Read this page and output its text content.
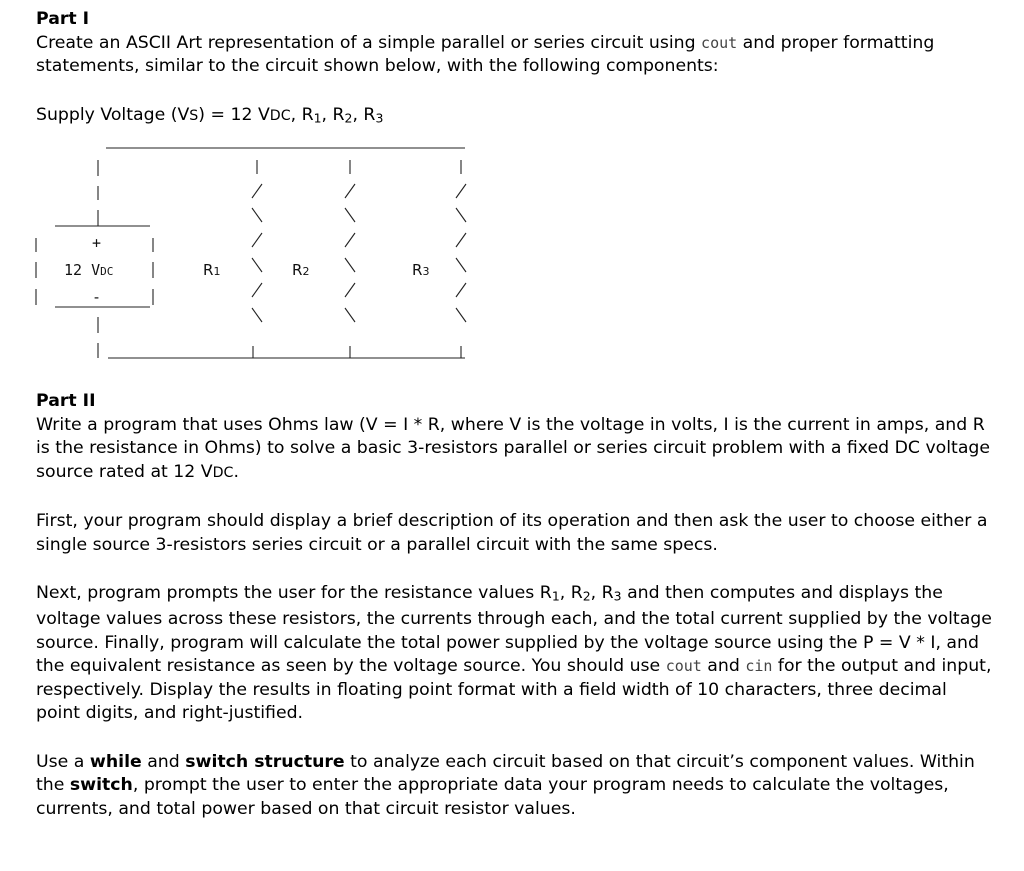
Part I

Create an ASCII Art representation of a simple parallel or series circuit using cout and proper formatting statements, similar to the circuit shown below, with the following components:

Supply Voltage (VS) = 12 VDC, $R_1$, $R_2$, $R_3$

+
-
12 VDC	R1	R2	R3

Part II

Write a program that uses Ohms law (V = I * R, where V is the voltage in volts, I is the current in amps, and R is the resistance in Ohms) to solve a basic 3-resistors parallel or series circuit problem with a fixed DC voltage source rated at 12 VDC.

First, your program should display a brief description of its operation and then ask the user to choose either a single source 3-resistors series circuit or a parallel circuit with the same specs.

Next, program prompts the user for the resistance values $R_1$, $R_2$, $R_3$ and then computes and displays the voltage values across these resistors, the currents through each, and the total current supplied by the voltage source. Finally, program will calculate the total power supplied by the voltage source using the P = V * I, and the equivalent resistance as seen by the voltage source. You should use cout and cin for the output and input, respectively. Display the results in floating point format with a field width of 10 characters, three decimal point digits, and right-justified.

Use a while and switch structure to analyze each circuit based on that circuit’s component values. Within the switch, prompt the user to enter the appropriate data your program needs to calculate the voltages, currents, and total power based on that circuit resistor values.
